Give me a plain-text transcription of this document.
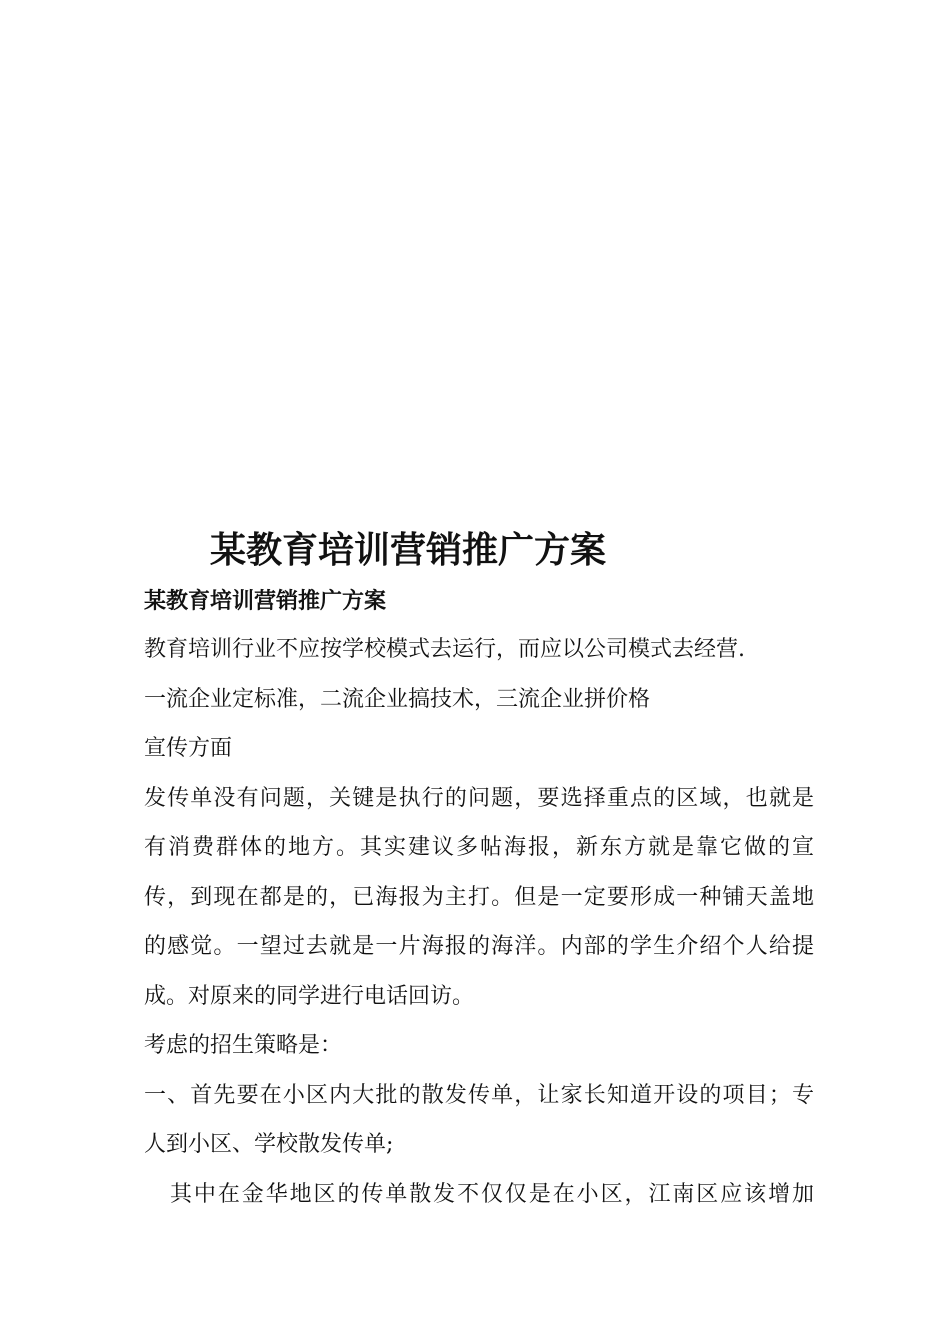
某教育培训营销推广方案
某教育培训营销推广方案
教育培训行业不应按学校模式去运行，而应以公司模式去经营.
一流企业定标准，二流企业搞技术，三流企业拼价格
宣传方面
发传单没有问题，关键是执行的问题，要选择重点的区域，也就是
有消费群体的地方。其实建议多帖海报，新东方就是靠它做的宣
传，到现在都是的，已海报为主打。但是一定要形成一种铺天盖地
的感觉。一望过去就是一片海报的海洋。内部的学生介绍个人给提
成。对原来的同学进行电话回访。
考虑的招生策略是：
一、首先要在小区内大批的散发传单，让家长知道开设的项目；专
人到小区、学校散发传单;
其中在金华地区的传单散发不仅仅是在小区，江南区应该增加
